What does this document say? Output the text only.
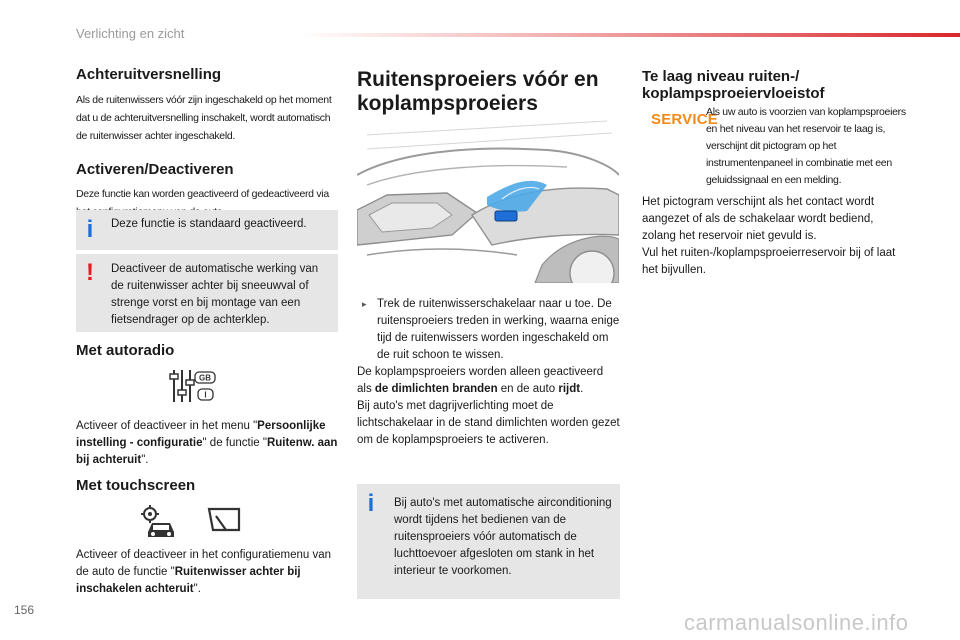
Verlichting en zicht
Achteruitversnelling

Als de ruitenwissers vóór zijn ingeschakeld op het moment dat u de achteruitversnelling inschakelt, wordt automatisch de ruitenwisser achter ingeschakeld.

Activeren/Deactiveren

Deze functie kan worden geactiveerd of gedeactiveerd via

i Deze functie is standaard geactiveerd.
! Deactiveer de automatische werking van de ruitenwisser achter bij sneeuwval of strenge vorst en bij montage van een fietsendrager op de achterklep.
Met autoradio
GB
I

Activeer of deactiveer in het menu "Persoonlijke instelling - configuratie" de functie "Ruitenw. aan bij achteruit".

Met touchscreen

Activeer of deactiveer in het configuratiemenu van de auto de functie "Ruitenwisser achter bij inschakelen achteruit".

Ruitensproeiers vóór en koplampsproeiers
▸ Trek de ruitenwisserschakelaar naar u toe. De ruitensproeiers treden in werking, waarna enige tijd de ruitenwissers worden ingeschakeld om de ruit schoon te wissen.

De koplampsproeiers worden alleen geactiveerd als de dimlichten branden en de auto rijdt.

Bij auto's met dagrijverlichting moet de lichtschakelaar in de stand dimlichten worden gezet om de koplampsproeiers te activeren.

i Bij auto's met automatische airconditioning wordt tijdens het bedienen van de ruitensproeiers vóór automatisch de luchttoevoer afgesloten om stank in het interieur te voorkomen.
Te laag niveau ruiten-/ koplampsproeiervloeistof
SERVICE

Als uw auto is voorzien van koplampsproeiers en het niveau van het reservoir te laag is, verschijnt dit pictogram op het instrumentenpaneel in combinatie met een geluidssignaal en een melding.

Het pictogram verschijnt als het contact wordt aangezet of als de schakelaar wordt bediend, zolang het reservoir niet gevuld is.

Vul het ruiten-/koplampsproeierreservoir bij of laat het bijvullen.

156	carmanualsonline.info
